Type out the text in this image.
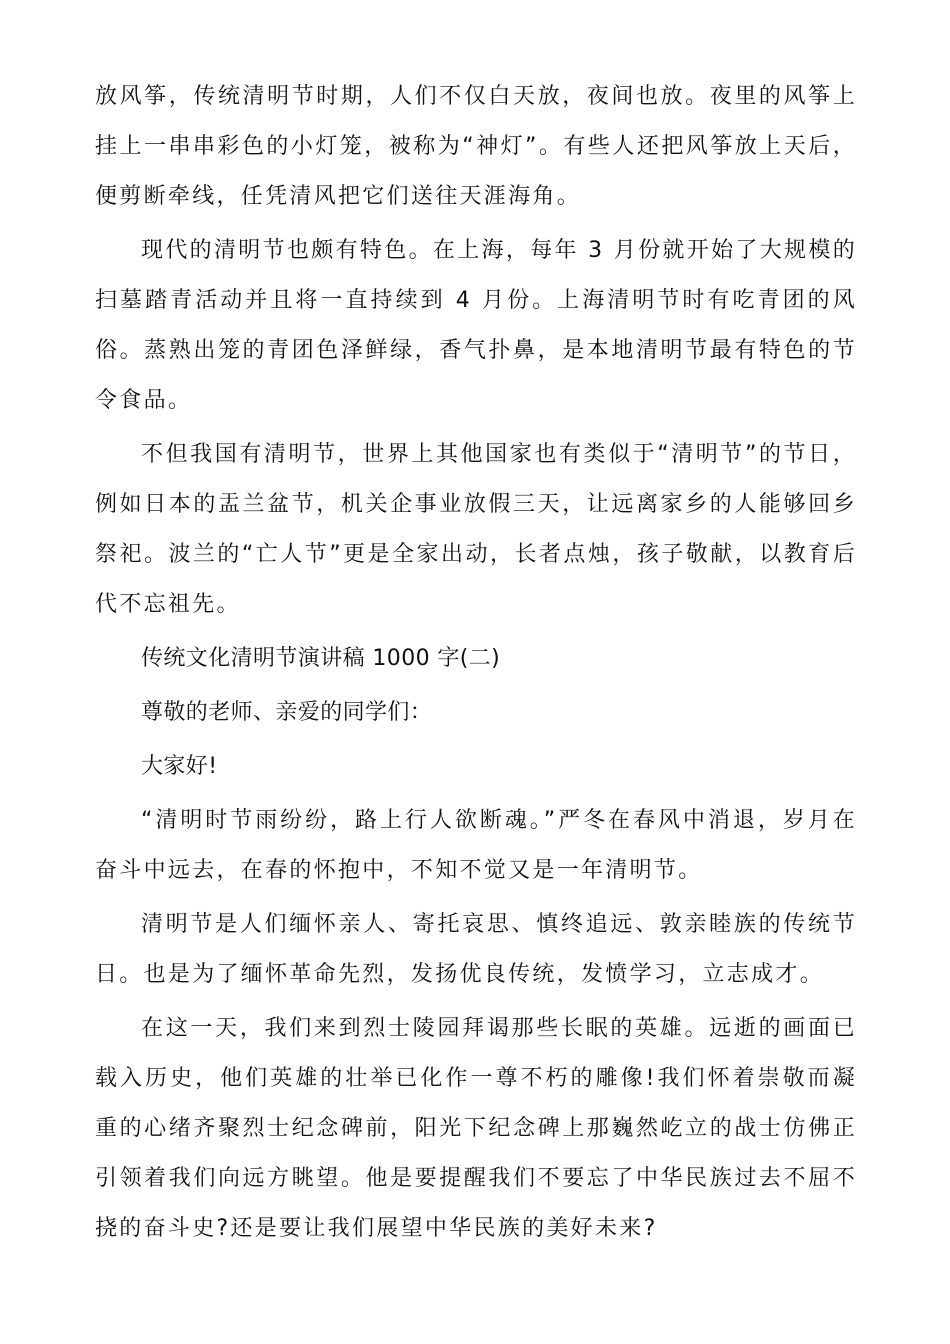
放风筝，传统清明节时期，人们不仅白天放，夜间也放。夜里的风筝上挂上一串串彩色的小灯笼，被称为“神灯”。有些人还把风筝放上天后，便剪断牵线，任凭清风把它们送往天涯海角。

现代的清明节也颇有特色。在上海，每年 3 月份就开始了大规模的扫墓踏青活动并且将一直持续到 4 月份。上海清明节时有吃青团的风俗。蒸熟出笼的青团色泽鲜绿，香气扑鼻，是本地清明节最有特色的节令食品。

不但我国有清明节，世界上其他国家也有类似于“清明节”的节日，例如日本的盂兰盆节，机关企事业放假三天，让远离家乡的人能够回乡祭祀。波兰的“亡人节”更是全家出动，长者点烛，孩子敬献，以教育后代不忘祖先。

传统文化清明节演讲稿 1000 字(二)

尊敬的老师、亲爱的同学们：

大家好!

“清明时节雨纷纷，路上行人欲断魂。”严冬在春风中消退，岁月在奋斗中远去，在春的怀抱中，不知不觉又是一年清明节。

清明节是人们缅怀亲人、寄托哀思、慎终追远、敦亲睦族的传统节日。也是为了缅怀革命先烈，发扬优良传统，发愤学习，立志成才。

在这一天，我们来到烈士陵园拜谒那些长眠的英雄。远逝的画面已载入历史，他们英雄的壮举已化作一尊不朽的雕像!我们怀着崇敬而凝重的心绪齐聚烈士纪念碑前，阳光下纪念碑上那巍然屹立的战士仿佛正引领着我们向远方眺望。他是要提醒我们不要忘了中华民族过去不屈不挠的奋斗史?还是要让我们展望中华民族的美好未来?
